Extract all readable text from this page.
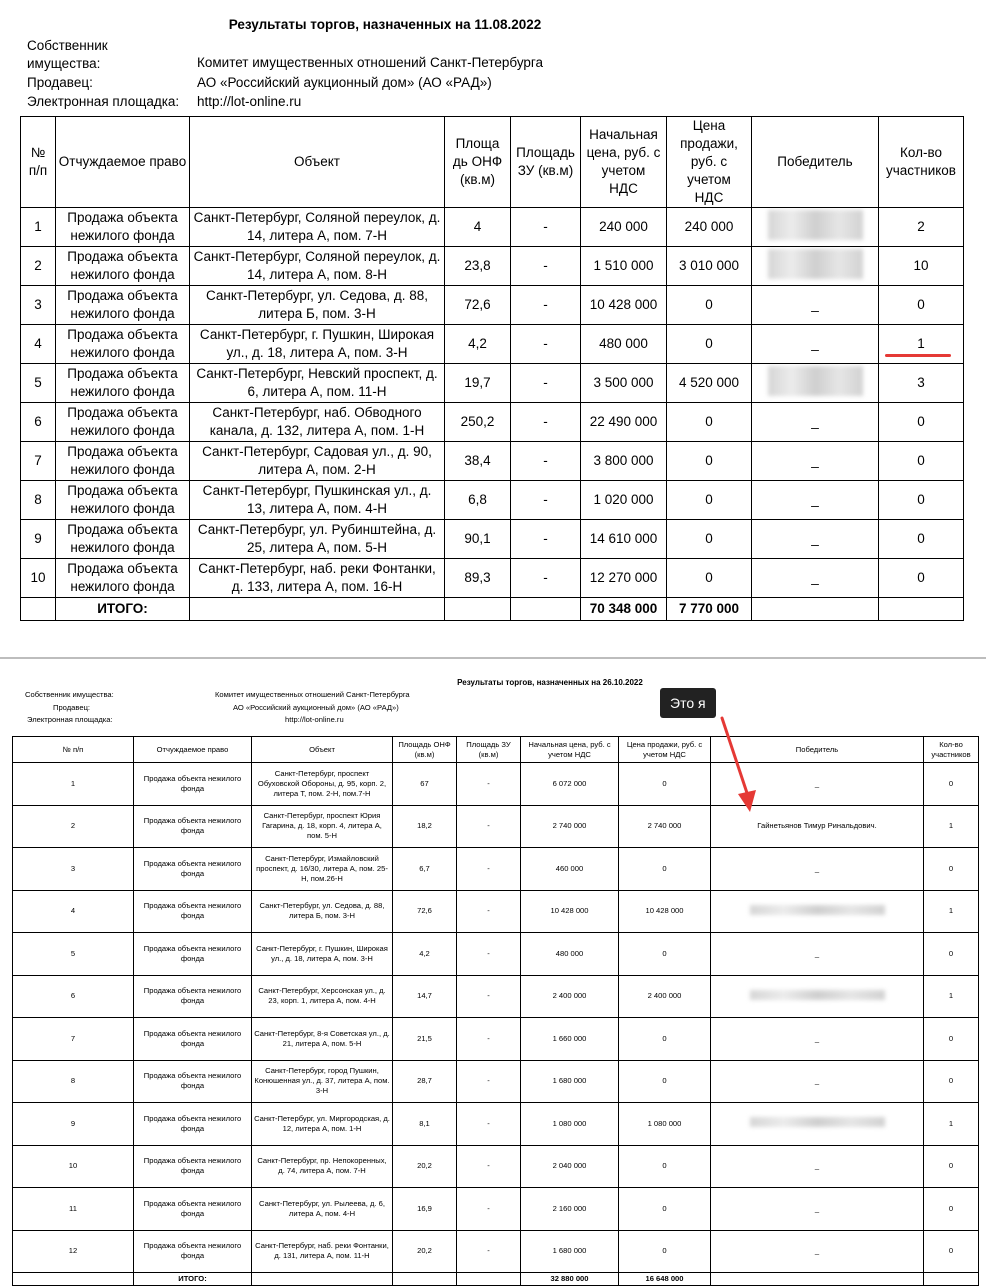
Результаты торгов, назначенных на 11.08.2022
Собственник
имущества:	Комитет имущественных отношений Санкт-Петербурга
Продавец:	АО «Российский аукционный дом» (АО «РАД»)
Электронная площадка: http://lot-online.ru
№
п/п	Отчуждаемое право	Объект	Площа
дь ОНФ
(кв.м)	Площадь
ЗУ (кв.м)	Начальная
цена, руб. с
учетом
НДС	Цена
продажи,
руб. с
учетом
НДС	Победитель	Кол-во
участников
1	Продажа объекта нежилого фонда	Санкт-Петербург, Соляной переулок, д. 14, литера А, пом. 7-Н	4	-	240 000	240 000		2
2	Продажа объекта нежилого фонда	Санкт-Петербург, Соляной переулок, д. 14, литера А, пом. 8-Н	23,8	-	1 510 000	3 010 000		10
3	Продажа объекта нежилого фонда	Санкт-Петербург, ул. Седова, д. 88, литера Б, пом. 3-Н	72,6	-	10 428 000	0	_	0
4	Продажа объекта нежилого фонда	Санкт-Петербург, г. Пушкин, Широкая ул., д. 18, литера А, пом. 3-Н	4,2	-	480 000	0	_	1
5	Продажа объекта нежилого фонда	Санкт-Петербург, Невский проспект, д. 6, литера А, пом. 11-Н	19,7	-	3 500 000	4 520 000		3
6	Продажа объекта нежилого фонда	Санкт-Петербург, наб. Обводного канала, д. 132, литера А, пом. 1-Н	250,2	-	22 490 000	0	_	0
7	Продажа объекта нежилого фонда	Санкт-Петербург, Садовая ул., д. 90, литера А, пом. 2-Н	38,4	-	3 800 000	0	_	0
8	Продажа объекта нежилого фонда	Санкт-Петербург, Пушкинская ул., д. 13, литера А, пом. 4-Н	6,8	-	1 020 000	0	_	0
9	Продажа объекта нежилого фонда	Санкт-Петербург, ул. Рубинштейна, д. 25, литера А, пом. 5-Н	90,1	-	14 610 000	0	_	0
10	Продажа объекта нежилого фонда	Санкт-Петербург, наб. реки Фонтанки, д. 133, литера А, пом. 16-Н	89,3	-	12 270 000	0	_	0
	ИТОГО:				70 348 000	7 770 000		
Результаты торгов, назначенных на 26.10.2022
Собственник имущества:	Комитет имущественных отношений Санкт-Петербурга
Продавец:	АО «Российский аукционный дом» (АО «РАД»)
Электронная площадка:	http://lot-online.ru
№ п/п	Отчуждаемое право	Объект	Площадь ОНФ (кв.м)	Площадь ЗУ (кв.м)	Начальная цена, руб. с учетом НДС	Цена продажи, руб. с учетом НДС	Победитель	Кол-во участников
1	Продажа объекта нежилого фонда	Санкт-Петербург, проспект Обуховской Обороны, д. 95, корп. 2, литера Т, пом. 2-Н, пом.7-Н	67	-	6 072 000	0	_	0
2	Продажа объекта нежилого фонда	Санкт-Петербург, проспект Юрия Гагарина, д. 18, корп. 4, литера А, пом. 5-Н	18,2	-	2 740 000	2 740 000	Гайнетьянов Тимур Ринальдович.	1
3	Продажа объекта нежилого фонда	Санкт-Петербург, Измайловский проспект, д. 16/30, литера А, пом. 25-Н, пом.26-Н	6,7	-	460 000	0	_	0
4	Продажа объекта нежилого фонда	Санкт-Петербург, ул. Седова, д. 88, литера Б, пом. 3-Н	72,6	-	10 428 000	10 428 000		1
5	Продажа объекта нежилого фонда	Санкт-Петербург, г. Пушкин, Широкая ул., д. 18, литера А, пом. 3-Н	4,2	-	480 000	0	_	0
6	Продажа объекта нежилого фонда	Санкт-Петербург, Херсонская ул., д. 23, корп. 1, литера А, пом. 4-Н	14,7	-	2 400 000	2 400 000		1
7	Продажа объекта нежилого фонда	Санкт-Петербург, 8-я Советская ул., д. 21, литера А, пом. 5-Н	21,5	-	1 660 000	0	_	0
8	Продажа объекта нежилого фонда	Санкт-Петербург, город Пушкин, Конюшенная ул., д. 37, литера А, пом. 3-Н	28,7	-	1 680 000	0	_	0
9	Продажа объекта нежилого фонда	Санкт-Петербург, ул. Миргородская, д. 12, литера А, пом. 1-Н	8,1	-	1 080 000	1 080 000		1
10	Продажа объекта нежилого фонда	Санкт-Петербург, пр. Непокоренных, д. 74, литера А, пом. 7-Н	20,2	-	2 040 000	0	_	0
11	Продажа объекта нежилого фонда	Санкт-Петербург, ул. Рылеева, д. 6, литера А, пом. 4-Н	16,9	-	2 160 000	0	_	0
12	Продажа объекта нежилого фонда	Санкт-Петербург, наб. реки Фонтанки, д. 131, литера А, пом. 11-Н	20,2	-	1 680 000	0	_	0
	ИТОГО:				32 880 000	16 648 000		
Это я
